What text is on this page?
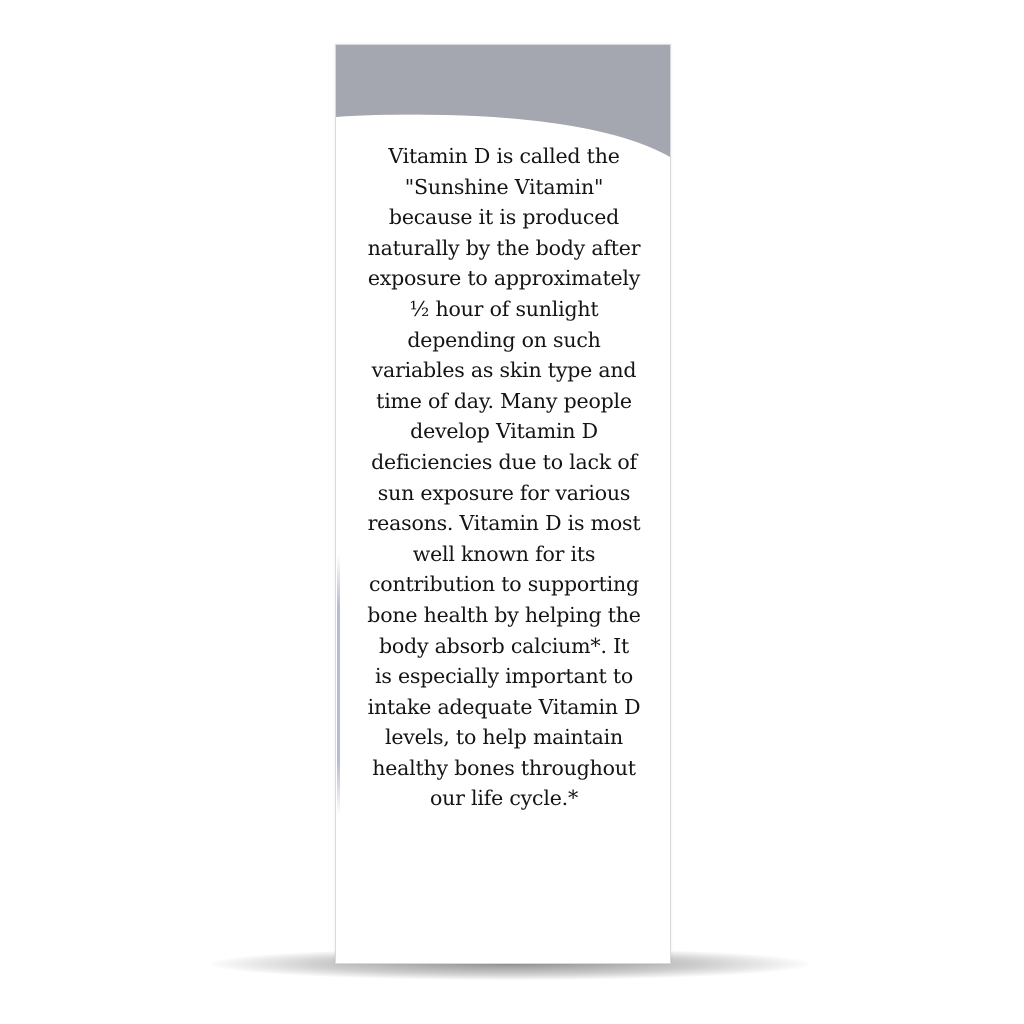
Vitamin D is called the
"Sunshine Vitamin"
because it is produced
naturally by the body after
exposure to approximately
½ hour of sunlight
depending on such
variables as skin type and
time of day. Many people
develop Vitamin D
deficiencies due to lack of
sun exposure for various
reasons. Vitamin D is most
well known for its
contribution to supporting
bone health by helping the
body absorb calcium*. It
is especially important to
intake adequate Vitamin D
levels, to help maintain
healthy bones throughout
our life cycle.*
